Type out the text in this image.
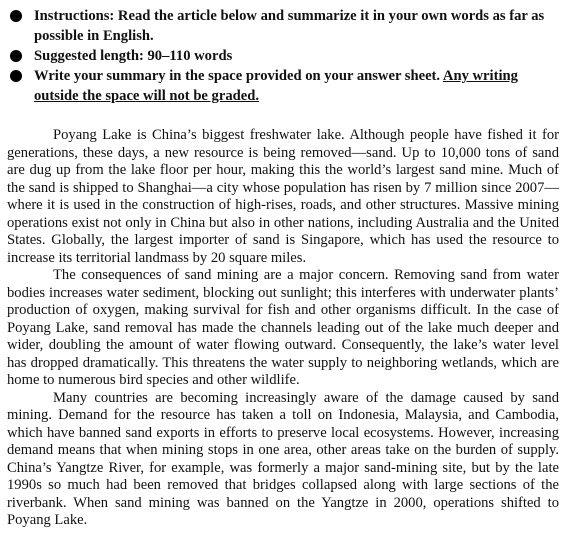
Instructions: Read the article below and summarize it in your own words as far as possible in English.
Suggested length: 90–110 words
Write your summary in the space provided on your answer sheet. Any writing outside the space will not be graded.

Poyang Lake is China’s biggest freshwater lake. Although people have fished it for generations, these days, a new resource is being removed—sand. Up to 10,000 tons of sand are dug up from the lake floor per hour, making this the world’s largest sand mine. Much of the sand is shipped to Shanghai—a city whose population has risen by 7 million since 2007—where it is used in the construction of high-rises, roads, and other structures. Massive mining operations exist not only in China but also in other nations, including Australia and the United States. Globally, the largest importer of sand is Singapore, which has used the resource to increase its territorial landmass by 20 square miles.

The consequences of sand mining are a major concern. Removing sand from water bodies increases water sediment, blocking out sunlight; this interferes with underwater plants’ production of oxygen, making survival for fish and other organisms difficult. In the case of Poyang Lake, sand removal has made the channels leading out of the lake much deeper and wider, doubling the amount of water flowing outward. Consequently, the lake’s water level has dropped dramatically. This threatens the water supply to neighboring wetlands, which are home to numerous bird species and other wildlife.

Many countries are becoming increasingly aware of the damage caused by sand mining. Demand for the resource has taken a toll on Indonesia, Malaysia, and Cambodia, which have banned sand exports in efforts to preserve local ecosystems. However, increasing demand means that when mining stops in one area, other areas take on the burden of supply. China’s Yangtze River, for example, was formerly a major sand-mining site, but by the late 1990s so much had been removed that bridges collapsed along with large sections of the riverbank. When sand mining was banned on the Yangtze in 2000, operations shifted to Poyang Lake.
